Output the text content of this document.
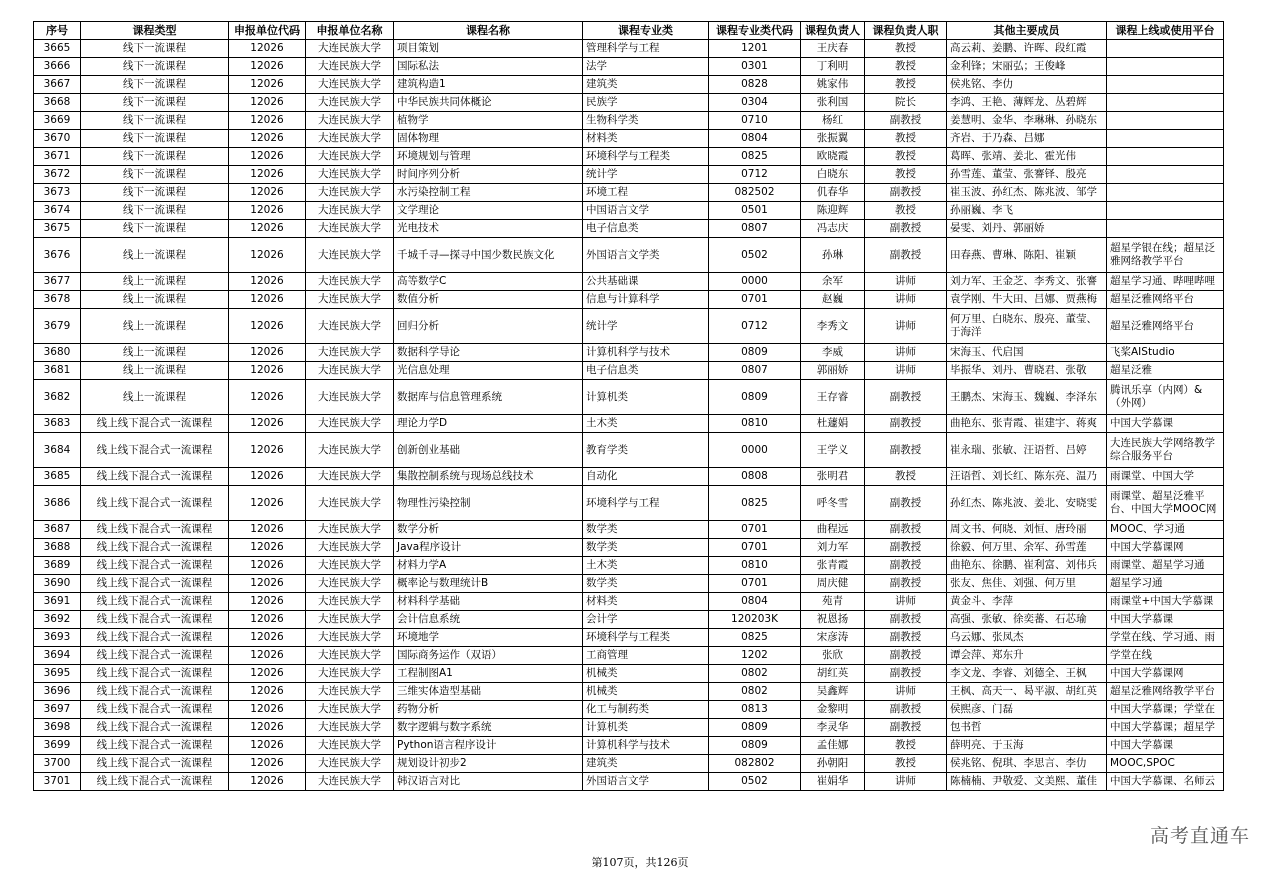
序号	课程类型	申报单位代码	申报单位名称	课程名称	课程专业类	课程专业类代码	课程负责人	课程负责人职	其他主要成员	课程上线或使用平台
3665	线下一流课程	12026	大连民族大学	项目策划	管理科学与工程	1201	王庆春	教授	高云莉、姜鹏、许晖、段红霞	
3666	线下一流课程	12026	大连民族大学	国际私法	法学	0301	丁利明	教授	金利锋；宋丽弘；王俊峰	
3667	线下一流课程	12026	大连民族大学	建筑构造1	建筑类	0828	姚家伟	教授	侯兆铭、李仂	
3668	线下一流课程	12026	大连民族大学	中华民族共同体概论	民族学	0304	张利国	院长	李鸿、王艳、薄辉龙、丛碧辉	
3669	线下一流课程	12026	大连民族大学	植物学	生物科学类	0710	杨红	副教授	姜慧明、金华、李琳琳、孙晓东	
3670	线下一流课程	12026	大连民族大学	固体物理	材料类	0804	张振翼	教授	齐岩、于乃森、吕娜	
3671	线下一流课程	12026	大连民族大学	环境规划与管理	环境科学与工程类	0825	欧晓霞	教授	葛晖、张靖、姜北、霍光伟	
3672	线下一流课程	12026	大连民族大学	时间序列分析	统计学	0712	白晓东	教授	孙雪莲、董莹、张謇铎、殷亮	
3673	线下一流课程	12026	大连民族大学	水污染控制工程	环境工程	082502	仉春华	副教授	崔玉波、孙红杰、陈兆波、邹学	
3674	线下一流课程	12026	大连民族大学	文学理论	中国语言文学	0501	陈迎辉	教授	孙丽巍、李飞	
3675	线下一流课程	12026	大连民族大学	光电技术	电子信息类	0807	冯志庆	副教授	晏雯、刘丹、郭丽娇	
3676	线上一流课程	12026	大连民族大学	千城千寻—探寻中国少数民族文化	外国语言文学类	0502	孙琳	副教授	田春燕、曹琳、陈阳、崔颖	超星学银在线；超星泛雅网络教学平台
3677	线上一流课程	12026	大连民族大学	高等数学C	公共基础课	0000	余军	讲师	刘力军、王金芝、李秀文、张謇	超星学习通、哔哩哔哩
3678	线上一流课程	12026	大连民族大学	数值分析	信息与计算科学	0701	赵巍	讲师	袁学刚、牛大田、吕娜、贾燕梅	超星泛雅网络平台
3679	线上一流课程	12026	大连民族大学	回归分析	统计学	0712	李秀文	讲师	何万里、白晓东、殷亮、董莹、于海洋	超星泛雅网络平台
3680	线上一流课程	12026	大连民族大学	数据科学导论	计算机科学与技术	0809	李威	讲师	宋海玉、代启国	飞桨AIStudio
3681	线上一流课程	12026	大连民族大学	光信息处理	电子信息类	0807	郭丽娇	讲师	毕振华、刘丹、曹晓君、张敬	超星泛雅
3682	线上一流课程	12026	大连民族大学	数据库与信息管理系统	计算机类	0809	王存睿	副教授	王鹏杰、宋海玉、魏巍、李泽东	腾讯乐享（内网）&（外网）
3683	线上线下混合式一流课程	12026	大连民族大学	理论力学D	土木类	0810	杜蘧娟	副教授	曲艳东、张青霞、崔建宇、蒋爽	中国大学慕课
3684	线上线下混合式一流课程	12026	大连民族大学	创新创业基础	教育学类	0000	王学义	副教授	崔永瑞、张敏、汪语哲、吕婷	大连民族大学网络教学综合服务平台
3685	线上线下混合式一流课程	12026	大连民族大学	集散控制系统与现场总线技术	自动化	0808	张明君	教授	汪语哲、刘长红、陈东亮、温乃	雨课堂、中国大学
3686	线上线下混合式一流课程	12026	大连民族大学	物理性污染控制	环境科学与工程	0825	呼冬雪	副教授	孙红杰、陈兆波、姜北、安晓雯	雨课堂、超星泛雅平台、中国大学MOOC网
3687	线上线下混合式一流课程	12026	大连民族大学	数学分析	数学类	0701	曲程远	副教授	周文书、何晓、刘恒、唐玲丽	MOOC、学习通
3688	线上线下混合式一流课程	12026	大连民族大学	Java程序设计	数学类	0701	刘力军	副教授	徐毅、何万里、余军、孙雪莲	中国大学慕课网
3689	线上线下混合式一流课程	12026	大连民族大学	材料力学A	土木类	0810	张青霞	副教授	曲艳东、徐鹏、崔利富、刘伟兵	雨课堂、超星学习通
3690	线上线下混合式一流课程	12026	大连民族大学	概率论与数理统计B	数学类	0701	周庆健	副教授	张友、焦佳、刘强、何万里	超星学习通
3691	线上线下混合式一流课程	12026	大连民族大学	材料科学基础	材料类	0804	苑青	讲师	黄金斗、李萍	雨课堂+中国大学慕课
3692	线上线下混合式一流课程	12026	大连民族大学	会计信息系统	会计学	120203K	祝恩扬	副教授	高强、张敏、徐奕蕃、石芯瑜	中国大学慕课
3693	线上线下混合式一流课程	12026	大连民族大学	环境地学	环境科学与工程类	0825	宋彦涛	副教授	乌云娜、张凤杰	学堂在线、学习通、雨
3694	线上线下混合式一流课程	12026	大连民族大学	国际商务运作（双语）	工商管理	1202	张欣	副教授	谭会萍、郑东升	学堂在线
3695	线上线下混合式一流课程	12026	大连民族大学	工程制图A1	机械类	0802	胡红英	副教授	李文龙、李睿、刘德全、王枫	中国大学慕课网
3696	线上线下混合式一流课程	12026	大连民族大学	三维实体造型基础	机械类	0802	吴鑫辉	讲师	王枫、高天一、曷平淑、胡红英	超星泛雅网络教学平台
3697	线上线下混合式一流课程	12026	大连民族大学	药物分析	化工与制药类	0813	金黎明	副教授	侯熙彦、门磊	中国大学慕课；学堂在
3698	线上线下混合式一流课程	12026	大连民族大学	数字逻辑与数字系统	计算机类	0809	李灵华	副教授	包书哲	中国大学慕课；超星学
3699	线上线下混合式一流课程	12026	大连民族大学	Python语言程序设计	计算机科学与技术	0809	孟佳娜	教授	薛明亮、于玉海	中国大学慕课
3700	线上线下混合式一流课程	12026	大连民族大学	规划设计初步2	建筑类	082802	孙朝阳	教授	侯兆铭、倪琪、李思言、李仂	MOOC,SPOC
3701	线上线下混合式一流课程	12026	大连民族大学	韩汉语言对比	外国语言文学	0502	崔娟华	讲师	陈楠楠、尹敬爱、文美熙、董佳	中国大学慕课、名师云
第107页，共126页
高考直通车
